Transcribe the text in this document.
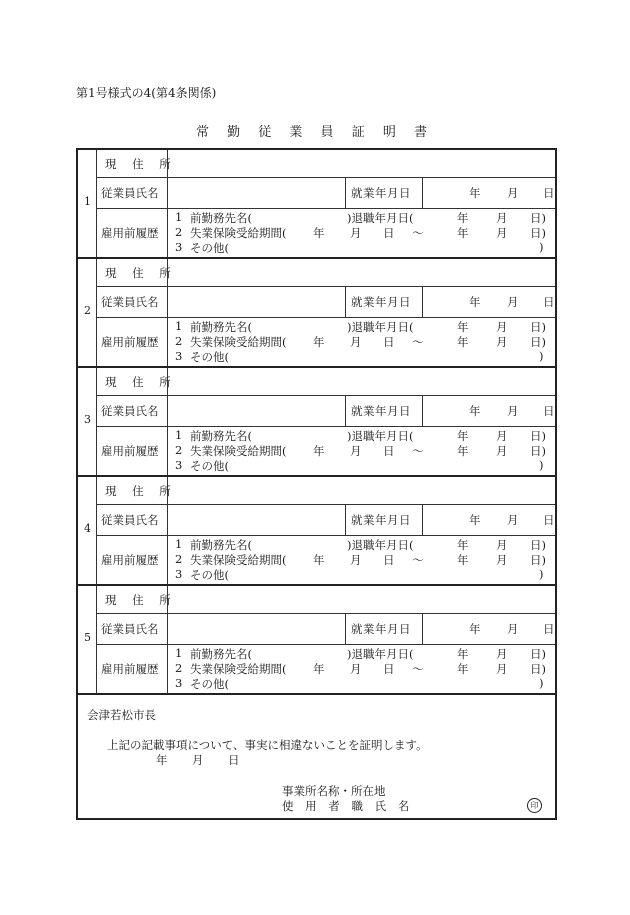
第1号様式の4(第4条関係)
常 勤 従 業 員 証 明 書
1
現 住 所
従業員氏名	就業年月日	年 月 日
雇用前履歴
1 前勤務先名(	)退職年月日(	年 月 日)
2 失業保険受給期間( 年 月 日 〜	年 月 日)
3 その他(	)
2
現 住 所
従業員氏名	就業年月日	年 月 日
雇用前履歴
1 前勤務先名(	)退職年月日(	年 月 日)
2 失業保険受給期間( 年 月 日 〜	年 月 日)
3 その他(	)
3
現 住 所
従業員氏名	就業年月日	年 月 日
雇用前履歴
1 前勤務先名(	)退職年月日(	年 月 日)
2 失業保険受給期間( 年 月 日 〜	年 月 日)
3 その他(	)
4
現 住 所
従業員氏名	就業年月日	年 月 日
雇用前履歴
1 前勤務先名(	)退職年月日(	年 月 日)
2 失業保険受給期間( 年 月 日 〜	年 月 日)
3 その他(	)
5
現 住 所
従業員氏名	就業年月日	年 月 日
雇用前履歴
1 前勤務先名(	)退職年月日(	年 月 日)
2 失業保険受給期間( 年 月 日 〜	年 月 日)
3 その他(	)
会津若松市長
上記の記載事項について、事実に相違ないことを証明します。
年 月 日
事業所名称・所在地
使 用 者 職 氏 名	印
